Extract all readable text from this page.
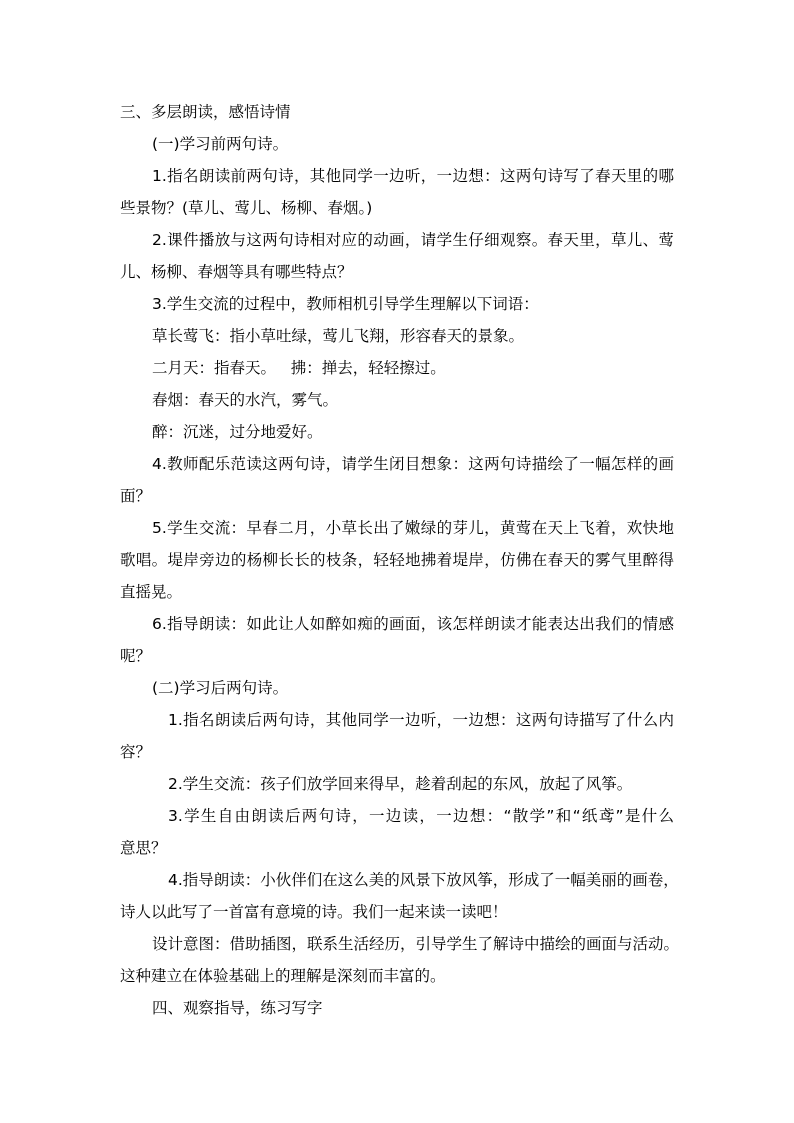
三、多层朗读，感悟诗情
(一)学习前两句诗。
1.指名朗读前两句诗，其他同学一边听，一边想：这两句诗写了春天里的哪
些景物？(草儿、莺儿、杨柳、春烟。)
2.课件播放与这两句诗相对应的动画，请学生仔细观察。春天里，草儿、莺
儿、杨柳、春烟等具有哪些特点？
3.学生交流的过程中，教师相机引导学生理解以下词语：
草长莺飞：指小草吐绿，莺儿飞翔，形容春天的景象。
二月天：指春天。   拂：掸去，轻轻擦过。
春烟：春天的水汽，雾气。
醉：沉迷，过分地爱好。
4.教师配乐范读这两句诗，请学生闭目想象：这两句诗描绘了一幅怎样的画
面？
5.学生交流：早春二月，小草长出了嫩绿的芽儿，黄莺在天上飞着，欢快地
歌唱。堤岸旁边的杨柳长长的枝条，轻轻地拂着堤岸，仿佛在春天的雾气里醉得
直摇晃。
6.指导朗读：如此让人如醉如痴的画面，该怎样朗读才能表达出我们的情感
呢？
(二)学习后两句诗。
1.指名朗读后两句诗，其他同学一边听，一边想：这两句诗描写了什么内
容？
2.学生交流：孩子们放学回来得早，趁着刮起的东风，放起了风筝。
3.学生自由朗读后两句诗，一边读，一边想：“散学”和“纸鸢”是什么
意思？
4.指导朗读：小伙伴们在这么美的风景下放风筝，形成了一幅美丽的画卷，
诗人以此写了一首富有意境的诗。我们一起来读一读吧！
设计意图：借助插图，联系生活经历，引导学生了解诗中描绘的画面与活动。
这种建立在体验基础上的理解是深刻而丰富的。
四、观察指导，练习写字
